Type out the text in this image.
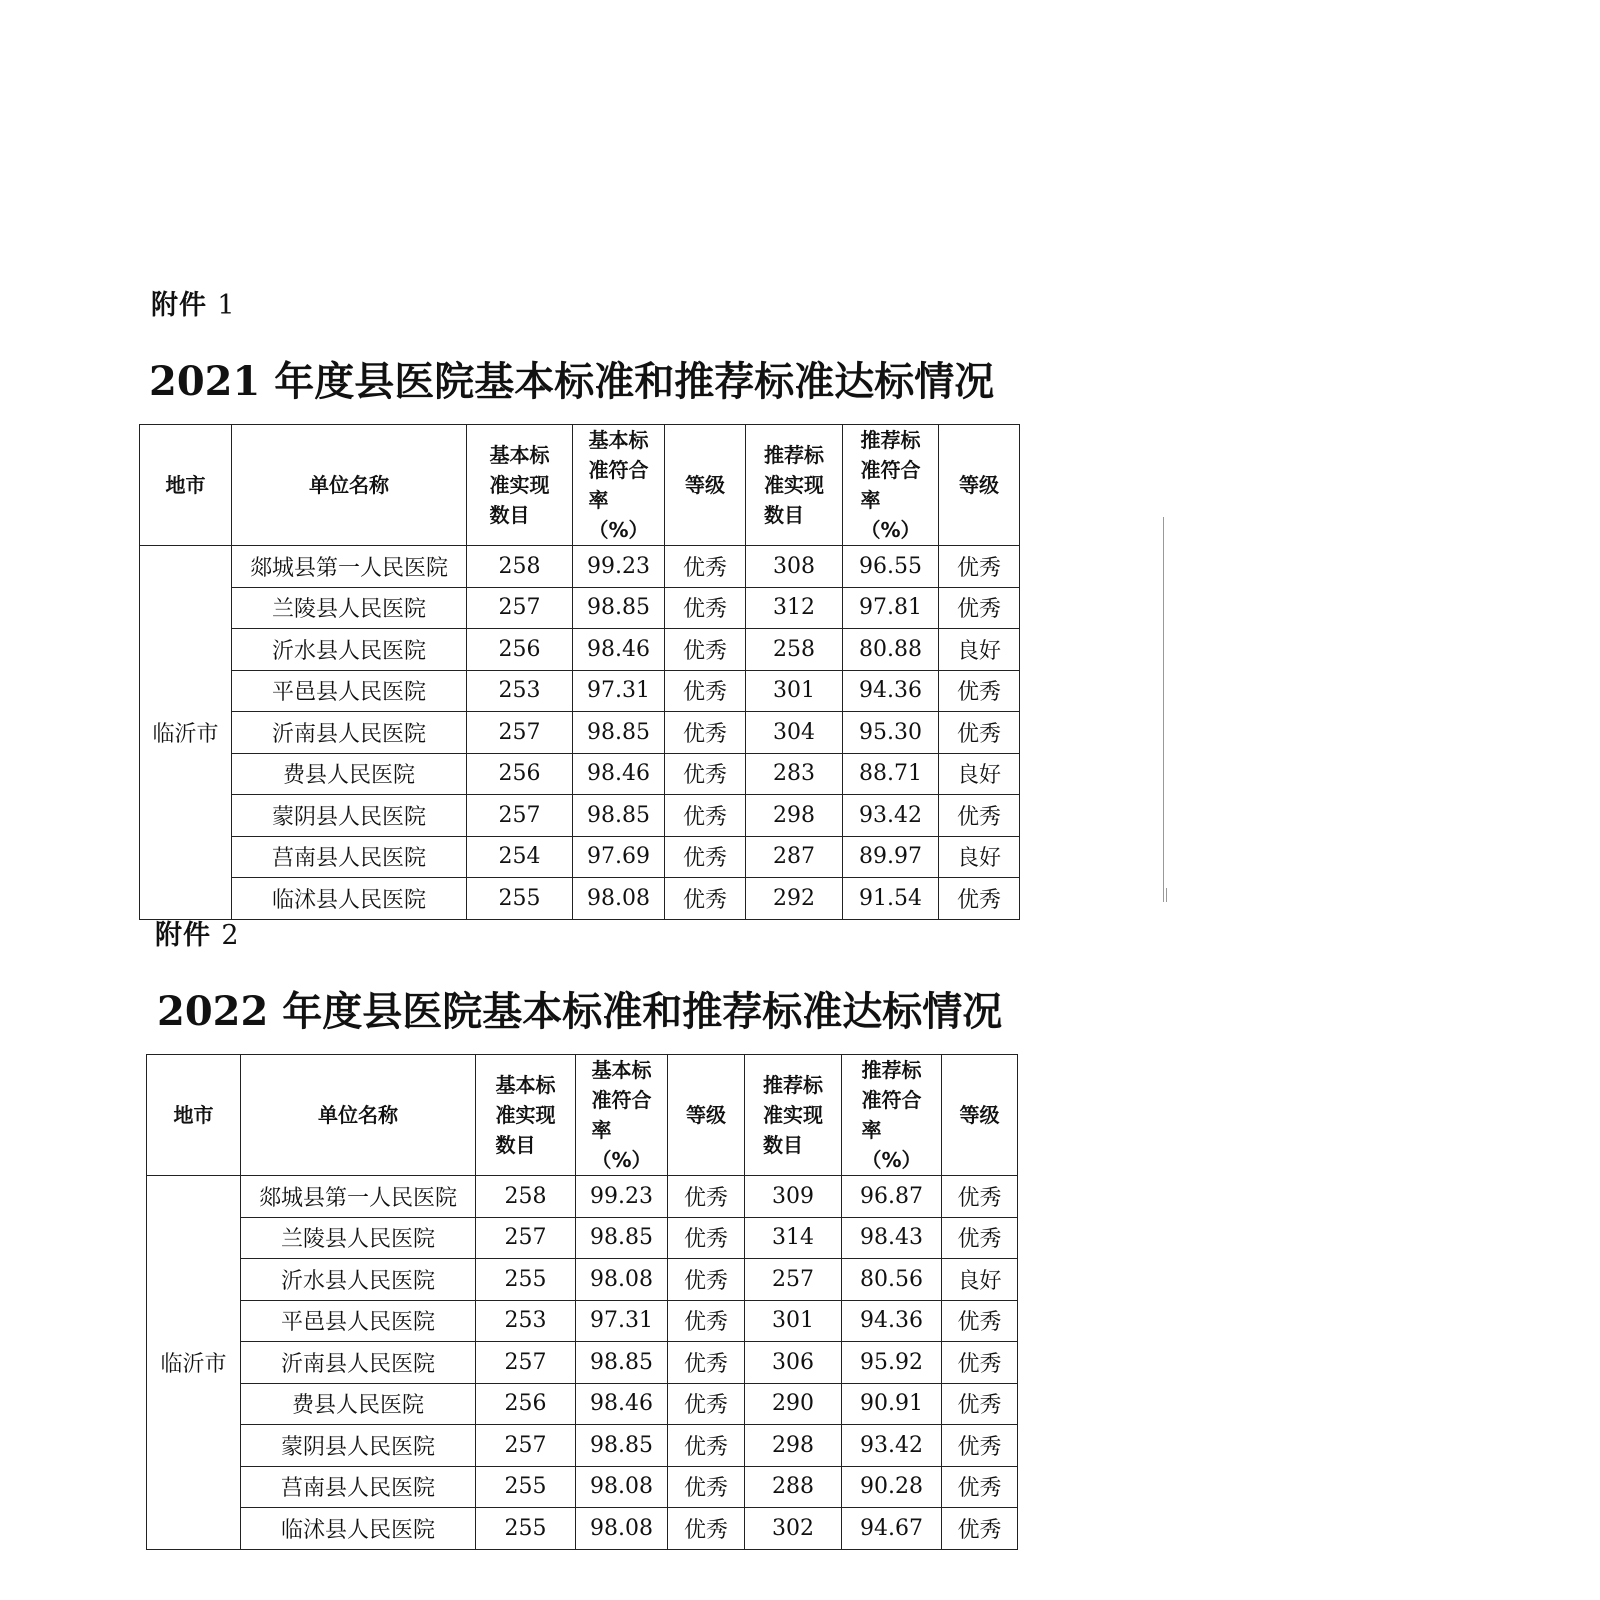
附件 1
2021 年度县医院基本标准和推荐标准达标情况
地市	单位名称	基本标准实现数目	基本标准符合率（%）	等级	推荐标准实现数目	推荐标准符合率（%）	等级
临沂市	郯城县第一人民医院	258	99.23	优秀	308	96.55	优秀
	兰陵县人民医院	257	98.85	优秀	312	97.81	优秀
	沂水县人民医院	256	98.46	优秀	258	80.88	良好
	平邑县人民医院	253	97.31	优秀	301	94.36	优秀
	沂南县人民医院	257	98.85	优秀	304	95.30	优秀
	费县人民医院	256	98.46	优秀	283	88.71	良好
	蒙阴县人民医院	257	98.85	优秀	298	93.42	优秀
	莒南县人民医院	254	97.69	优秀	287	89.97	良好
	临沭县人民医院	255	98.08	优秀	292	91.54	优秀
附件 2
2022 年度县医院基本标准和推荐标准达标情况
地市	单位名称	基本标准实现数目	基本标准符合率（%）	等级	推荐标准实现数目	推荐标准符合率（%）	等级
临沂市	郯城县第一人民医院	258	99.23	优秀	309	96.87	优秀
	兰陵县人民医院	257	98.85	优秀	314	98.43	优秀
	沂水县人民医院	255	98.08	优秀	257	80.56	良好
	平邑县人民医院	253	97.31	优秀	301	94.36	优秀
	沂南县人民医院	257	98.85	优秀	306	95.92	优秀
	费县人民医院	256	98.46	优秀	290	90.91	优秀
	蒙阴县人民医院	257	98.85	优秀	298	93.42	优秀
	莒南县人民医院	255	98.08	优秀	288	90.28	优秀
	临沭县人民医院	255	98.08	优秀	302	94.67	优秀
